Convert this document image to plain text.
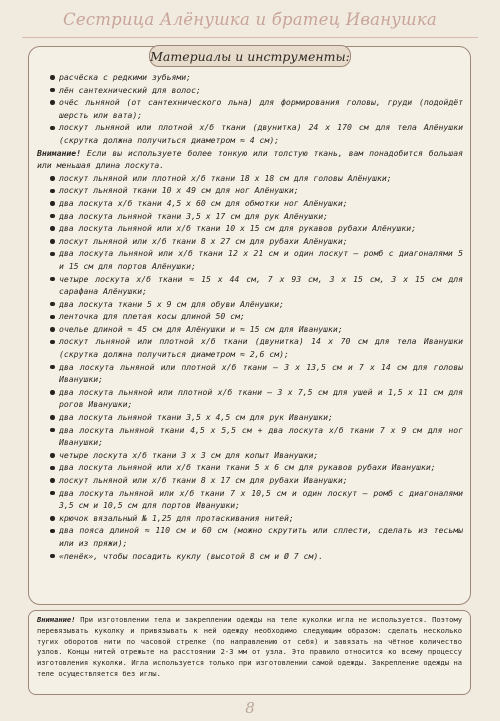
Сестрица Алёнушка и братец Иванушка
Материалы и инструменты:
расчёска с редкими зубьями;
лён сантехнический для волос;
очёс льняной (от сантехнического льна) для формирования головы, груди (подойдёт шерсть или вата);
лоскут льняной или плотной х/б ткани (двунитка) 24 х 170 см для тела Алёнушки (скрутка должна получиться диаметром ≈ 4 см);
Внимание! Если вы используете более тонкую или толстую ткань, вам понадобится большая или меньшая длина лоскута.
лоскут льняной или плотной х/б ткани 18 х 18 см для головы Алёнушки;
лоскут льняной ткани 10 х 49 см для ног Алёнушки;
два лоскута х/б ткани 4,5 х 60 см для обмотки ног Алёнушки;
два лоскута льняной ткани 3,5 х 17 см для рук Алёнушки;
два лоскута льняной или х/б ткани 10 х 15 см для рукавов рубахи Алёнушки;
лоскут льняной или х/б ткани 8 х 27 см для рубахи Алёнушки;
два лоскута льняной или х/б ткани 12 х 21 см и один лоскут — ромб с диагоналями 5 и 15 см для портов Алёнушки;
четыре лоскута х/б ткани ≈ 15 х 44 см, 7 х 93 см, 3 х 15 см, 3 х 15 см для сарафана Алёнушки;
два лоскута ткани 5 х 9 см для обуви Алёнушки;
ленточка для плетая косы длиной 50 см;
очелье длиной ≈ 45 см для Алёнушки и ≈ 15 см для Иванушки;
лоскут льняной или плотной х/б ткани (двунитка) 14 х 70 см для тела Иванушки (скрутка должна получиться диаметром ≈ 2,6 см);
два лоскута льняной или плотной х/б ткани — 3 х 13,5 см и 7 х 14 см для головы Иванушки;
два лоскута льняной или плотной х/б ткани — 3 х 7,5 см для ушей и 1,5 х 11 см для рогов Иванушки;
два лоскута льняной ткани 3,5 х 4,5 см для рук Иванушки;
два лоскута льняной ткани 4,5 х 5,5 см + два лоскута х/б ткани 7 х 9 см для ног Иванушки;
четыре лоскута х/б ткани 3 х 3 см для копыт Иванушки;
два лоскута льняной или х/б ткани ткани 5 х 6 см для рукавов рубахи Иванушки;
лоскут льняной или х/б ткани 8 х 17 см для рубахи Иванушки;
два лоскута льняной или х/б ткани 7 х 10,5 см и один лоскут — ромб с диагоналями 3,5 см и 10,5 см для портов Иванушки;
крючок вязальный № 1,25 для протаскивания нитей;
два пояса длиной ≈ 110 см и 60 см (можно скрутить или сплести, сделать из тесьмы или из пряжи);
«пенёк», чтобы посадить куклу (высотой 8 см и Ø 7 см).
Внимание! При изготовлении тела и закреплении одежды на теле куколки игла не используется. Поэтому перевязывать куколку и привязывать к ней одежду необходимо следующим образом: сделать несколько тугих оборотов нити по часовой стрелке (по направлению от себя) и завязать на чётное количество узлов. Концы нитей отрежьте на расстоянии 2-3 мм от узла. Это правило относится ко всему процессу изготовления куколки. Игла используется только при изготовлении самой одежды. Закрепление одежды на теле осуществляется без иглы.
8
